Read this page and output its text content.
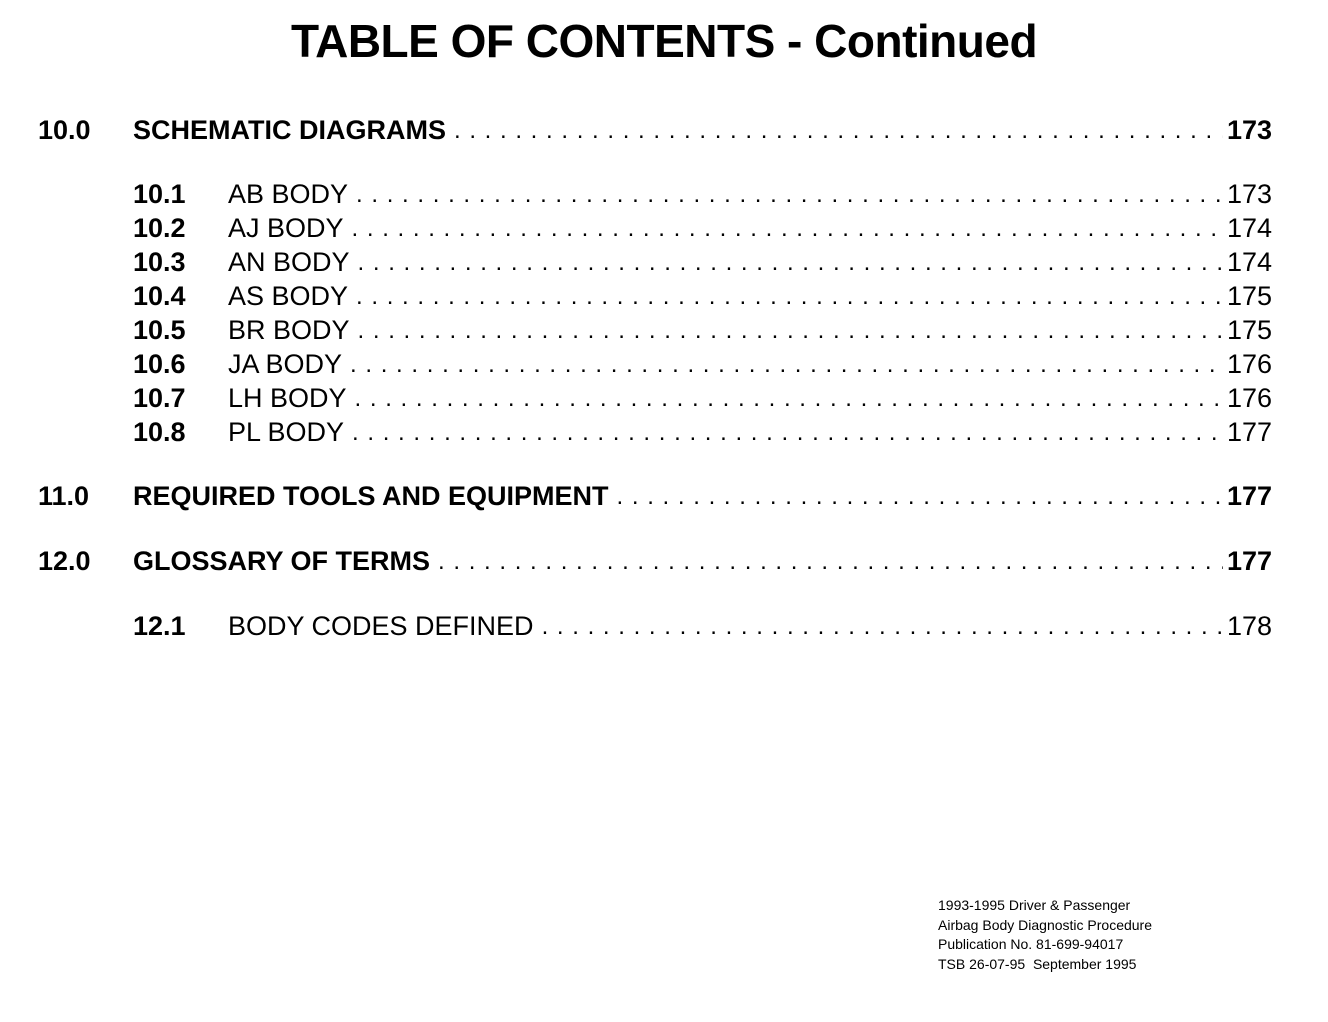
TABLE OF CONTENTS - Continued
10.0	SCHEMATIC DIAGRAMS . . .	173
10.1	AB BODY . . .	173
10.2	AJ BODY . . .	174
10.3	AN BODY . . .	174
10.4	AS BODY . . .	175
10.5	BR BODY . . .	175
10.6	JA BODY . . .	176
10.7	LH BODY . . .	176
10.8	PL BODY . . .	177
11.0	REQUIRED TOOLS AND EQUIPMENT . . .	177
12.0	GLOSSARY OF TERMS . . .	177
12.1	BODY CODES DEFINED . . .	178
1993-1995 Driver & Passenger
Airbag Body Diagnostic Procedure
Publication No. 81-699-94017
TSB 26-07-95  September 1995
